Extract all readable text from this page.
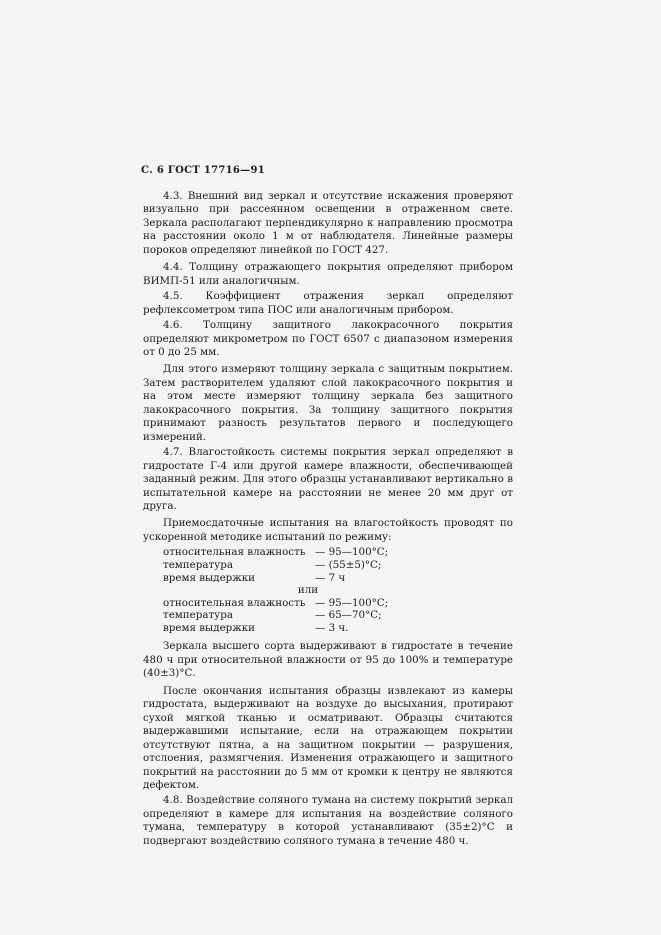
С. 6 ГОСТ 17716—91

4.3. Внешний вид зеркал и отсутствие искажения проверяют визуально при рассеянном освещении в отраженном свете. Зеркала располагают перпендикулярно к направлению просмотра на расстоянии около 1 м от наблюдателя. Линейные размеры пороков определяют линейкой по ГОСТ 427.

4.4. Толщину отражающего покрытия определяют прибором ВИМП-51 или аналогичным.

4.5. Коэффициент отражения зеркал определяют рефлексометром типа ПОС или аналогичным прибором.

4.6. Толщину защитного лакокрасочного покрытия определяют микрометром по ГОСТ 6507 с диапазоном измерения от 0 до 25 мм.

Для этого измеряют толщину зеркала с защитным покрытием. Затем растворителем удаляют слой лакокрасочного покрытия и на этом месте измеряют толщину зеркала без защитного лакокрасочного покрытия. За толщину защитного покрытия принимают разность результатов первого и последующего измерений.

4.7. Влагостойкость системы покрытия зеркал определяют в гидростате Г-4 или другой камере влажности, обеспечивающей заданный режим. Для этого образцы устанавливают вертикально в испытательной камере на расстоянии не менее 20 мм друг от друга.

Приемосдаточные испытания на влагостойкость проводят по ускоренной методике испытаний по режиму:

относительная влажность — 95—100°С;
температура	— (55±5)°С;
время выдержки	— 7 ч
или
относительная влажность — 95—100°С;
температура	— 65—70°С;
время выдержки	— 3 ч.

Зеркала высшего сорта выдерживают в гидростате в течение 480 ч при относительной влажности от 95 до 100% и температуре (40±3)°С.

После окончания испытания образцы извлекают из камеры гидростата, выдерживают на воздухе до высыхания, протирают сухой мягкой тканью и осматривают. Образцы считаются выдержавшими испытание, если на отражающем покрытии отсутствуют пятна, а на защитном покрытии — разрушения, отслоения, размягчения. Изменения отражающего и защитного покрытий на расстоянии до 5 мм от кромки к центру не являются дефектом.

4.8. Воздействие соляного тумана на систему покрытий зеркал определяют в камере для испытания на воздействие соляного тумана, температуру в которой устанавливают (35±2)°С и подвергают воздействию соляного тумана в течение 480 ч.
